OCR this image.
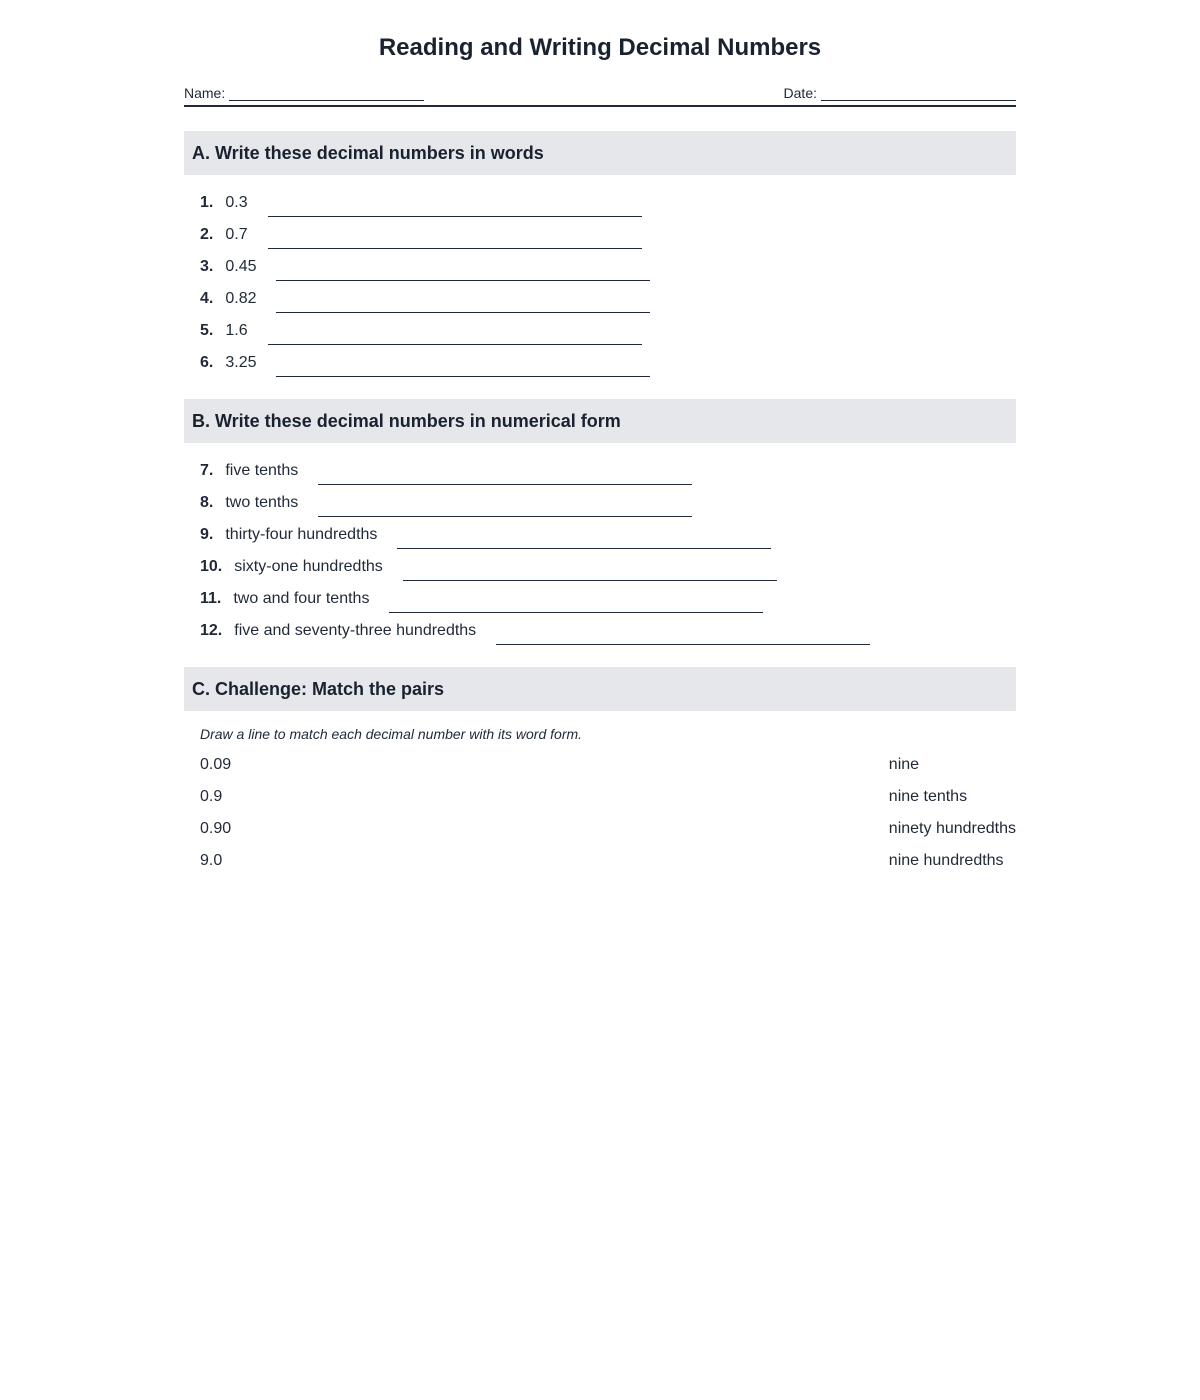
Reading and Writing Decimal Numbers
Name:	Date:
A. Write these decimal numbers in words
1. 0.3
2. 0.7
3. 0.45
4. 0.82
5. 1.6
6. 3.25
B. Write these decimal numbers in numerical form
7. five tenths
8. two tenths
9. thirty-four hundredths
10. sixty-one hundredths
11. two and four tenths
12. five and seventy-three hundredths
C. Challenge: Match the pairs
Draw a line to match each decimal number with its word form.
0.09
0.9
0.90
9.0
nine
nine tenths
ninety hundredths
nine hundredths
